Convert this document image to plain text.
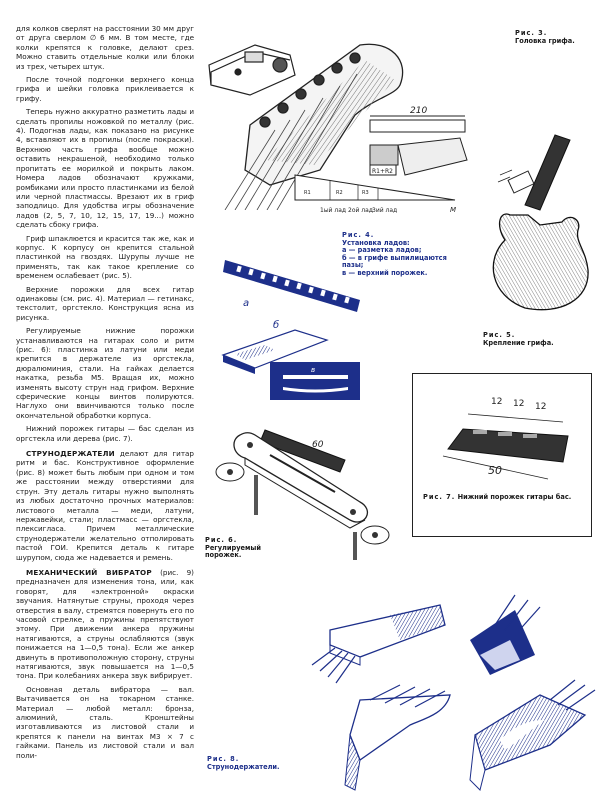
для колков сверлят на расстоянии 30 мм друг от друга сверлом ∅ 6 мм. В том месте, где колки крепятся к головке, делают срез. Можно ставить отдельные колки или блоки из трех, четырех штук.

После точной подгонки верхнего конца грифа и шейки головка приклеивается к грифу.

Теперь нужно аккуратно разметить лады и сделать пропилы ножовкой по металлу (рис. 4). Подогнав лады, как показано на рисунке 4, вставляют их в пропилы (после покраски). Верхнюю часть грифа вообще можно оставить некрашеной, необходимо только пропитать ее морилкой и покрыть лаком. Номера ладов обозначают кружками, ромбиками или просто пластинками из белой или черной пластмассы. Врезают их в гриф заподлицо. Для удобства игры обозначение ладов (2, 5, 7, 10, 12, 15, 17, 19...) можно сделать сбоку грифа.

Гриф шпаклюется и красится так же, как и корпус. К корпусу он крепится стальной пластинкой на гвоздях. Шурупы лучше не применять, так как такое крепление со временем ослабевает (рис. 5).

Верхние порожки для всех гитар одинаковы (см. рис. 4). Материал — гетинакс, текстолит, оргстекло. Конструкция ясна из рисунка.

Регулируемые нижние порожки устанавливаются на гитарах соло и ритм (рис. 6): пластинка из латуни или меди крепится в держателе из оргстекла, дюралюминия, стали. На гайках делается накатка, резьба М5. Вращая их, можно изменять высоту струн над грифом. Верхние сферические концы винтов полируются. Наглухо они ввинчиваются только после окончательной обработки корпуса.

Нижний порожек гитары — бас сделан из оргстекла или дерева (рис. 7).

СТРУНОДЕРЖАТЕЛИ делают для гитар ритм и бас. Конструктивное оформление (рис. 8) может быть любым при одном и том же расстоянии между отверстиями для струн. Эту деталь гитары нужно выполнять из любых достаточно прочных материалов: листового металла — меди, латуни, нержавейки, стали; пластмасс — оргстекла, плексигласа. Причем металлические струнодержатели желательно отполировать пастой ГОИ. Крепится деталь к гитаре шурупом, сюда же надевается и ремень.

МЕХАНИЧЕСКИЙ ВИБРАТОР (рис. 9) предназначен для изменения тона, или, как говорят, для «электронной» окраски звучания. Натянутые струны, проходя через отверстия в валу, стремятся повернуть его по часовой стрелке, а пружины препятствуют этому. При движении анкера пружины натягиваются, а струны ослабляются (звук понижается на 1—0,5 тона). Если же анкер двинуть в противоположную сторону, струны натягиваются, звук повышается на 1—0,5 тона. При колебаниях анкера звук вибрирует.

Основная деталь вибратора — вал. Вытачивается он на токарном станке. Материал — любой металл: бронза, алюминий, сталь. Кронштейны изготавливаются из листовой стали и крепятся к панели на винтах М3 × 7 с гайками. Панель из листовой стали и вал поли-

210
R1+R2
R1	R2	R3
1ый лад 2ой лад 3ий лад	М
Рис. 3.
Головка грифа.
Рис. 5.
Крепление грифа.
Рис. 4.
Установка ладов:
а — разметка ладов;
б — в грифе выпилицаются пазы;
в — верхний порожек.
а
б
в
60
Рис. 6.
Регулируемый порожек.
12 12 12
50
Рис. 7. Нижний порожек гитары бас.
Рис. 8.
Струнодержатели.
